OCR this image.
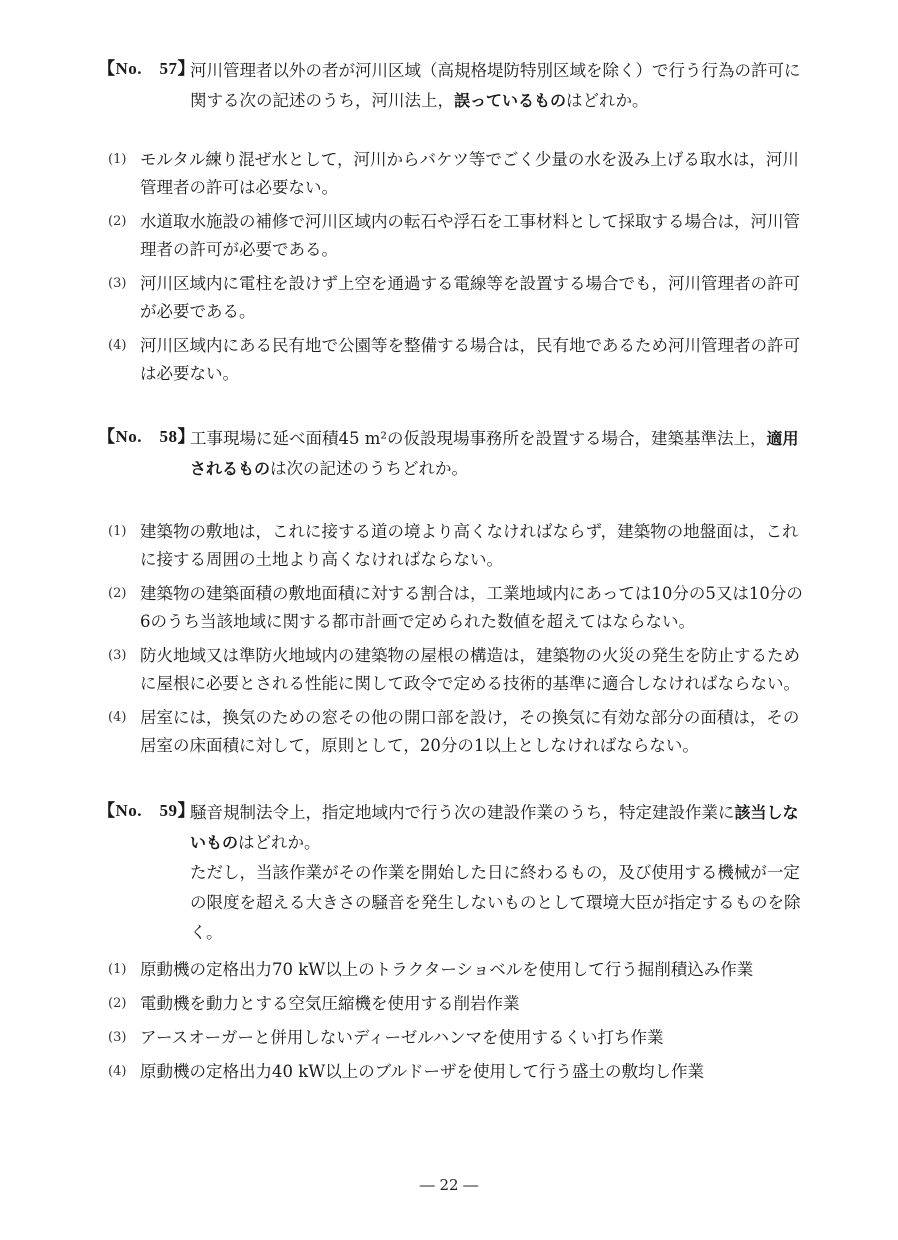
【No.　57】
河川管理者以外の者が河川区域（高規格堤防特別区域を除く）で行う行為の許可に関する次の記述のうち，河川法上，誤っているものはどれか。
(1) モルタル練り混ぜ水として，河川からバケツ等でごく少量の水を汲み上げる取水は，河川管理者の許可は必要ない。
(2) 水道取水施設の補修で河川区域内の転石や浮石を工事材料として採取する場合は，河川管理者の許可が必要である。
(3) 河川区域内に電柱を設けず上空を通過する電線等を設置する場合でも，河川管理者の許可が必要である。
(4) 河川区域内にある民有地で公園等を整備する場合は，民有地であるため河川管理者の許可は必要ない。
【No.　58】
工事現場に延べ面積45 m²の仮設現場事務所を設置する場合，建築基準法上，適用されるものは次の記述のうちどれか。
(1) 建築物の敷地は，これに接する道の境より高くなければならず，建築物の地盤面は，これに接する周囲の土地より高くなければならない。
(2) 建築物の建築面積の敷地面積に対する割合は，工業地域内にあっては10分の5又は10分の6のうち当該地域に関する都市計画で定められた数値を超えてはならない。
(3) 防火地域又は準防火地域内の建築物の屋根の構造は，建築物の火災の発生を防止するために屋根に必要とされる性能に関して政令で定める技術的基準に適合しなければならない。
(4) 居室には，換気のための窓その他の開口部を設け，その換気に有効な部分の面積は，その居室の床面積に対して，原則として，20分の1以上としなければならない。
【No.　59】
騒音規制法令上，指定地域内で行う次の建設作業のうち，特定建設作業に該当しないものはどれか。
ただし，当該作業がその作業を開始した日に終わるもの，及び使用する機械が一定の限度を超える大きさの騒音を発生しないものとして環境大臣が指定するものを除く。
(1) 原動機の定格出力70 kW以上のトラクターショベルを使用して行う掘削積込み作業
(2) 電動機を動力とする空気圧縮機を使用する削岩作業
(3) アースオーガーと併用しないディーゼルハンマを使用するくい打ち作業
(4) 原動機の定格出力40 kW以上のブルドーザを使用して行う盛土の敷均し作業
― 22 ―
